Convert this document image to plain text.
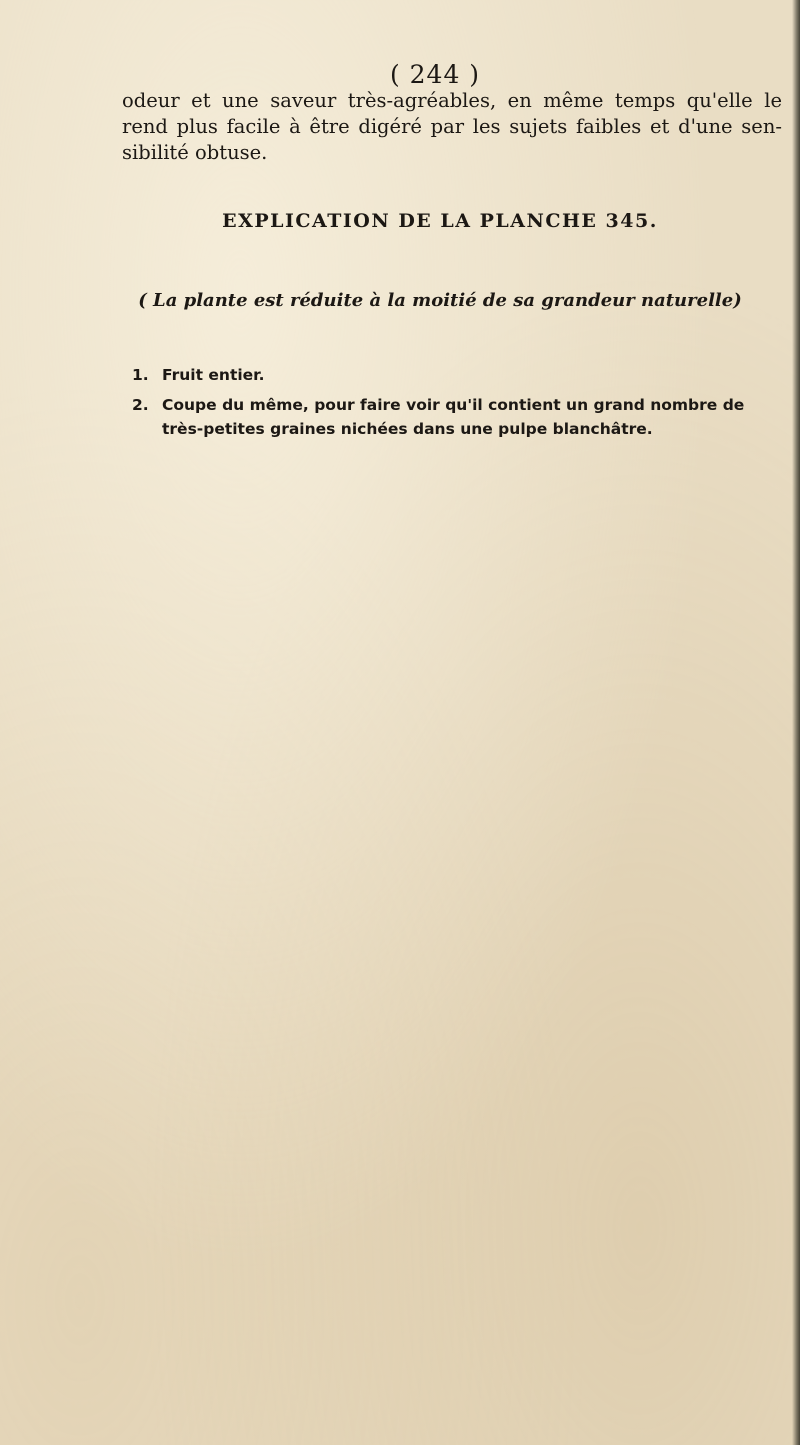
( 244 )
odeur et une saveur très-agréables, en même temps qu'elle le
rend plus facile à être digéré par les sujets faibles et d'une sen-
sibilité obtuse.
EXPLICATION DE LA PLANCHE 345.
( La plante est réduite à la moitié de sa grandeur naturelle)
1. Fruit entier.
2. Coupe du même, pour faire voir qu'il contient un grand nombre de
très-petites graines nichées dans une pulpe blanchâtre.
